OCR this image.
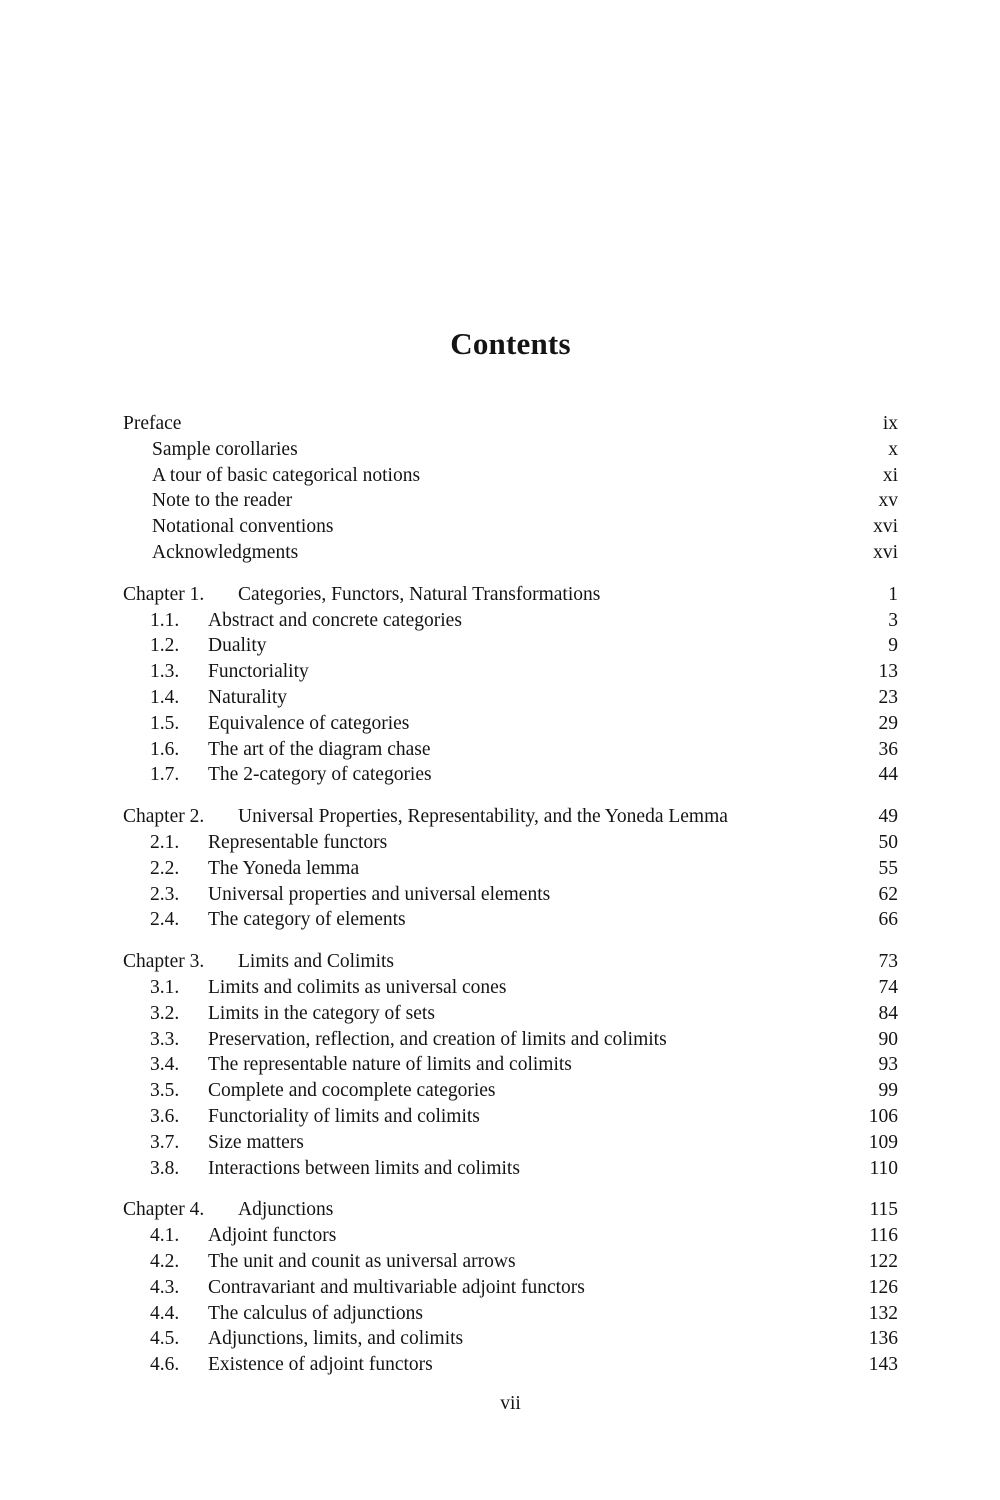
Contents
Preface	ix
Sample corollaries	x
A tour of basic categorical notions	xi
Note to the reader	xv
Notational conventions	xvi
Acknowledgments	xvi
Chapter 1.	Categories, Functors, Natural Transformations	1
1.1.	Abstract and concrete categories	3
1.2.	Duality	9
1.3.	Functoriality	13
1.4.	Naturality	23
1.5.	Equivalence of categories	29
1.6.	The art of the diagram chase	36
1.7.	The 2-category of categories	44
Chapter 2.	Universal Properties, Representability, and the Yoneda Lemma	49
2.1.	Representable functors	50
2.2.	The Yoneda lemma	55
2.3.	Universal properties and universal elements	62
2.4.	The category of elements	66
Chapter 3.	Limits and Colimits	73
3.1.	Limits and colimits as universal cones	74
3.2.	Limits in the category of sets	84
3.3.	Preservation, reflection, and creation of limits and colimits	90
3.4.	The representable nature of limits and colimits	93
3.5.	Complete and cocomplete categories	99
3.6.	Functoriality of limits and colimits	106
3.7.	Size matters	109
3.8.	Interactions between limits and colimits	110
Chapter 4.	Adjunctions	115
4.1.	Adjoint functors	116
4.2.	The unit and counit as universal arrows	122
4.3.	Contravariant and multivariable adjoint functors	126
4.4.	The calculus of adjunctions	132
4.5.	Adjunctions, limits, and colimits	136
4.6.	Existence of adjoint functors	143
vii
